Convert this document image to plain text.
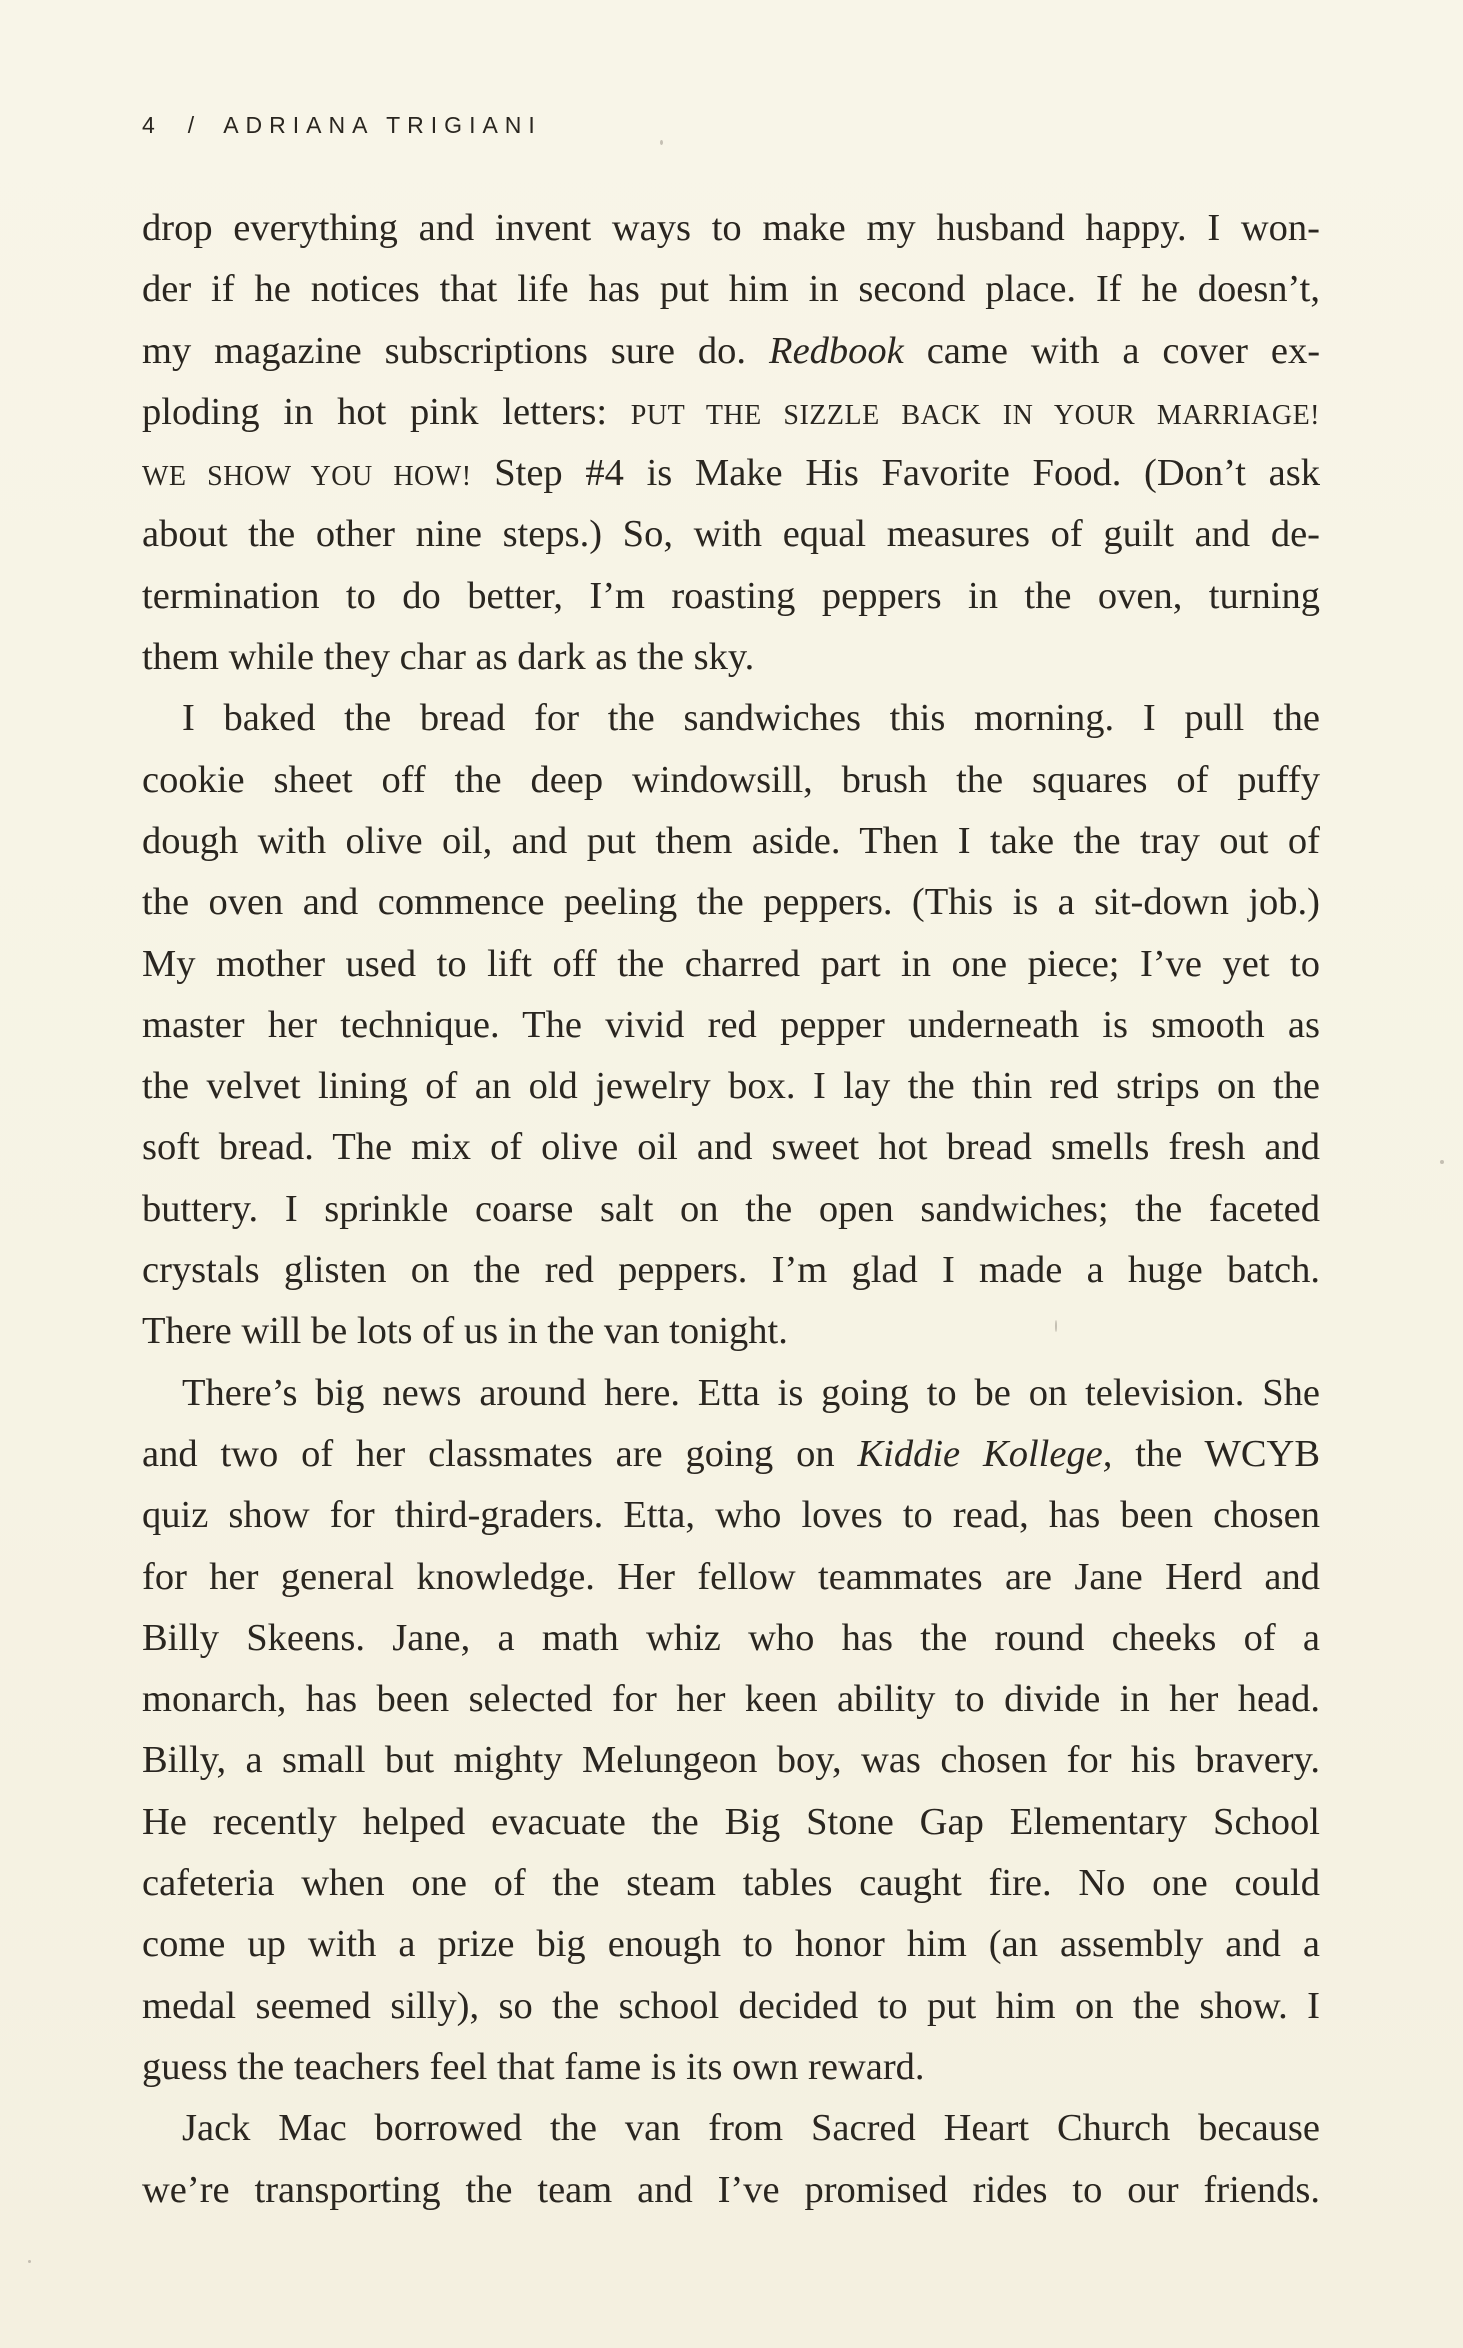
4 / ADRIANA TRIGIANI
drop everything and invent ways to make my husband happy. I won-
der if he notices that life has put him in second place. If he doesn’t,
my magazine subscriptions sure do. Redbook came with a cover ex-
ploding in hot pink letters: PUT THE SIZZLE BACK IN YOUR MARRIAGE!
WE SHOW YOU HOW! Step #4 is Make His Favorite Food. (Don’t ask
about the other nine steps.) So, with equal measures of guilt and de-
termination to do better, I’m roasting peppers in the oven, turning
them while they char as dark as the sky.
I baked the bread for the sandwiches this morning. I pull the
cookie sheet off the deep windowsill, brush the squares of puffy
dough with olive oil, and put them aside. Then I take the tray out of
the oven and commence peeling the peppers. (This is a sit-down job.)
My mother used to lift off the charred part in one piece; I’ve yet to
master her technique. The vivid red pepper underneath is smooth as
the velvet lining of an old jewelry box. I lay the thin red strips on the
soft bread. The mix of olive oil and sweet hot bread smells fresh and
buttery. I sprinkle coarse salt on the open sandwiches; the faceted
crystals glisten on the red peppers. I’m glad I made a huge batch.
There will be lots of us in the van tonight.
There’s big news around here. Etta is going to be on television. She
and two of her classmates are going on Kiddie Kollege, the WCYB
quiz show for third-graders. Etta, who loves to read, has been chosen
for her general knowledge. Her fellow teammates are Jane Herd and
Billy Skeens. Jane, a math whiz who has the round cheeks of a
monarch, has been selected for her keen ability to divide in her head.
Billy, a small but mighty Melungeon boy, was chosen for his bravery.
He recently helped evacuate the Big Stone Gap Elementary School
cafeteria when one of the steam tables caught fire. No one could
come up with a prize big enough to honor him (an assembly and a
medal seemed silly), so the school decided to put him on the show. I
guess the teachers feel that fame is its own reward.
Jack Mac borrowed the van from Sacred Heart Church because
we’re transporting the team and I’ve promised rides to our friends.
